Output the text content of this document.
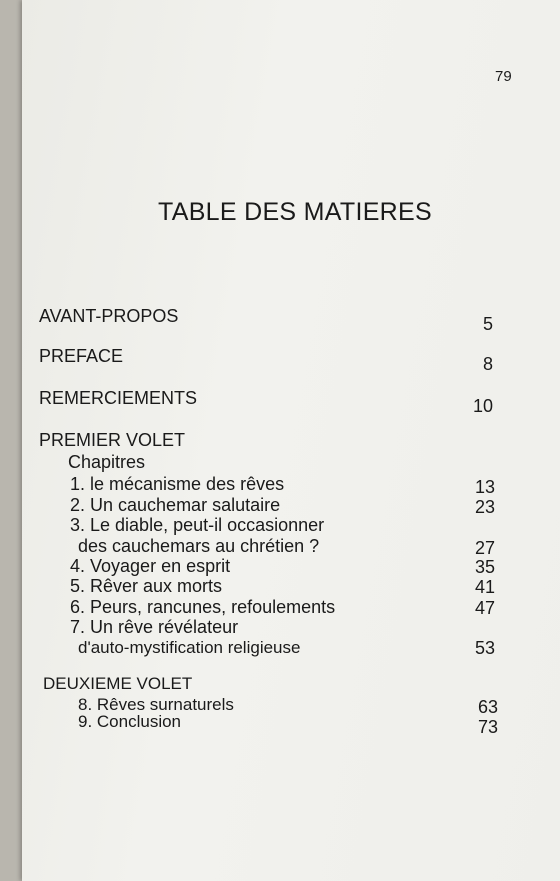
79
TABLE DES MATIERES
AVANT-PROPOS	5
PREFACE	8
REMERCIEMENTS	10
PREMIER VOLET
Chapitres
1. le mécanisme des rêves	13
2. Un cauchemar salutaire	23
3. Le diable, peut-il occasionner
des cauchemars au chrétien ?	27
4. Voyager en esprit	35
5. Rêver aux morts	41
6. Peurs, rancunes, refoulements	47
7. Un rêve révélateur
d'auto-mystification religieuse	53
DEUXIEME VOLET
8. Rêves surnaturels	63
9. Conclusion	73
